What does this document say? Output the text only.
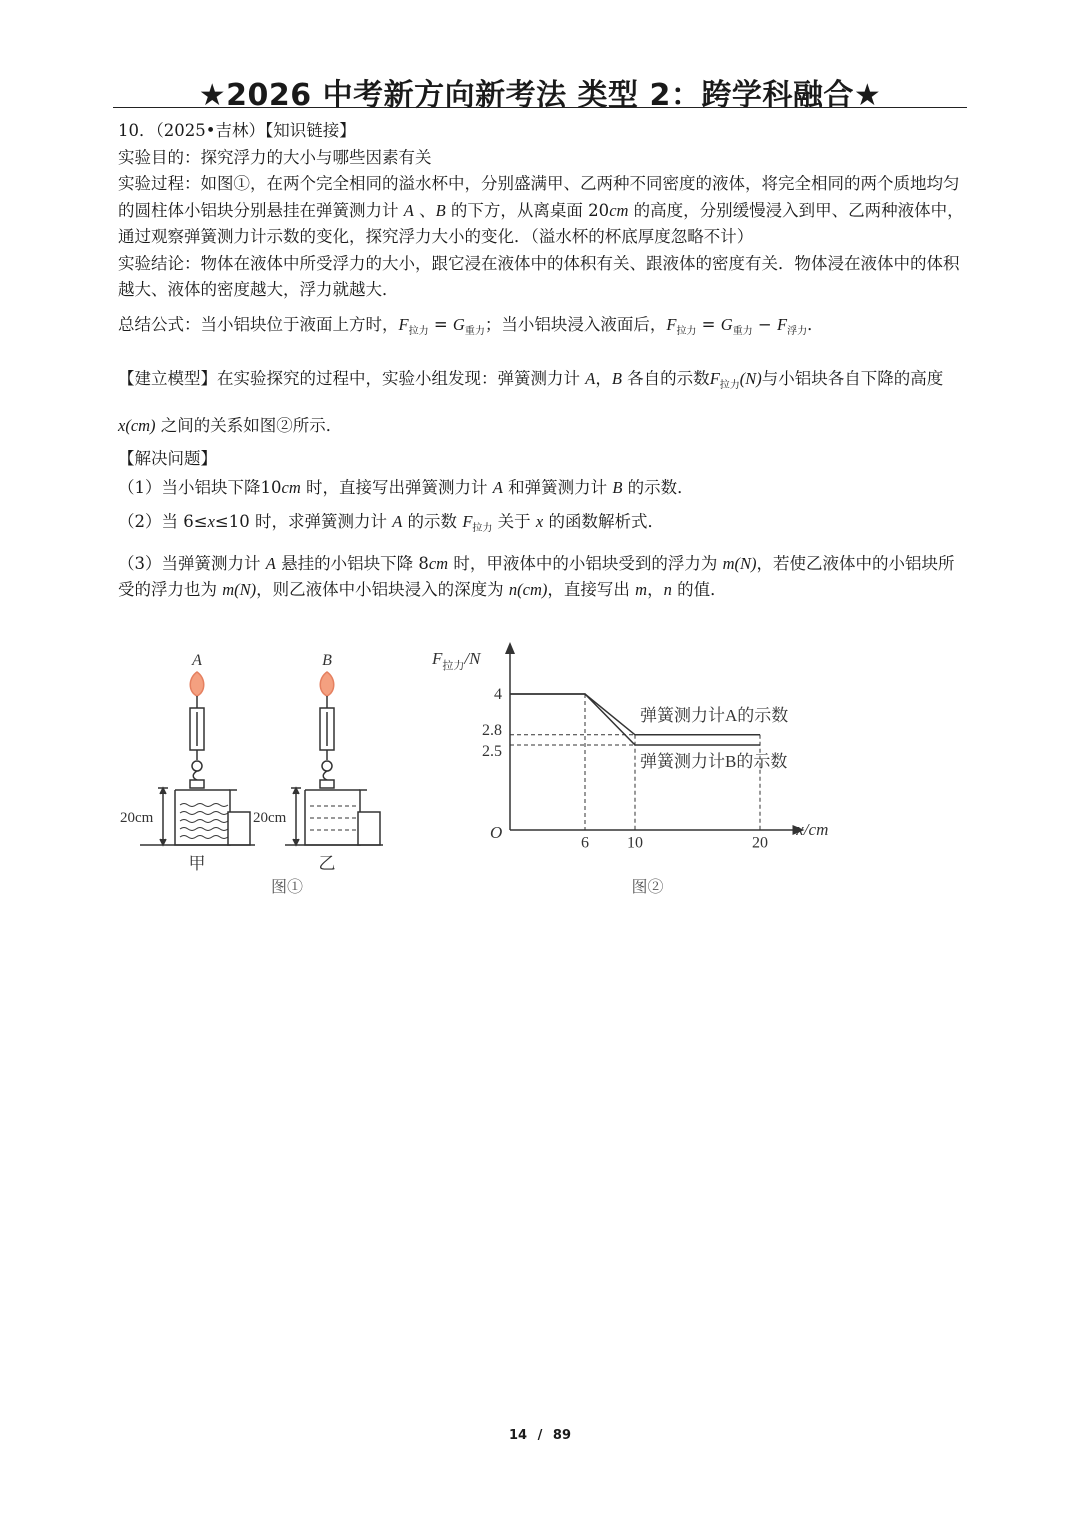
★2026 中考新方向新考法 类型 2：跨学科融合★

10．（2025•吉林）【知识链接】

实验目的：探究浮力的大小与哪些因素有关

实验过程：如图①，在两个完全相同的溢水杯中，分别盛满甲、乙两种不同密度的液体，将完全相同的两个质地均匀的圆柱体小铝块分别悬挂在弹簧测力计 A 、B 的下方，从离桌面 20cm 的高度，分别缓慢浸入到甲、乙两种液体中，通过观察弹簧测力计示数的变化，探究浮力大小的变化．（溢水杯的杯底厚度忽略不计）

实验结论：物体在液体中所受浮力的大小，跟它浸在液体中的体积有关、跟液体的密度有关．物体浸在液体中的体积越大、液体的密度越大，浮力就越大．

总结公式：当小铝块位于液面上方时，$F_{拉力} = G_{重力}$；当小铝块浸入液面后，$F_{拉力} = G_{重力} - F_{浮力}$．

【建立模型】在实验探究的过程中，实验小组发现：弹簧测力计 A，B 各自的示数$F_{拉力}(N)$与小铝块各自下降的高度 x(cm) 之间的关系如图②所示．

【解决问题】

（1）当小铝块下降10cm 时，直接写出弹簧测力计 A 和弹簧测力计 B 的示数．

（2）当 6≤x≤10 时，求弹簧测力计 A 的示数 $F_{拉力}$ 关于 x 的函数解析式．

（3）当弹簧测力计 A 悬挂的小铝块下降 8cm 时，甲液体中的小铝块受到的浮力为 m(N)，若使乙液体中的小铝块所受的浮力也为 m(N)，则乙液体中小铝块浸入的深度为 n(cm)，直接写出 m，n 的值．

A
20cm
甲
B
20cm
乙
图①
$F_{拉力}/N$
x/cm
O
4
2.8
2.5
6 10	20
弹簧测力计A的示数
弹簧测力计B的示数
图②
14 / 89
